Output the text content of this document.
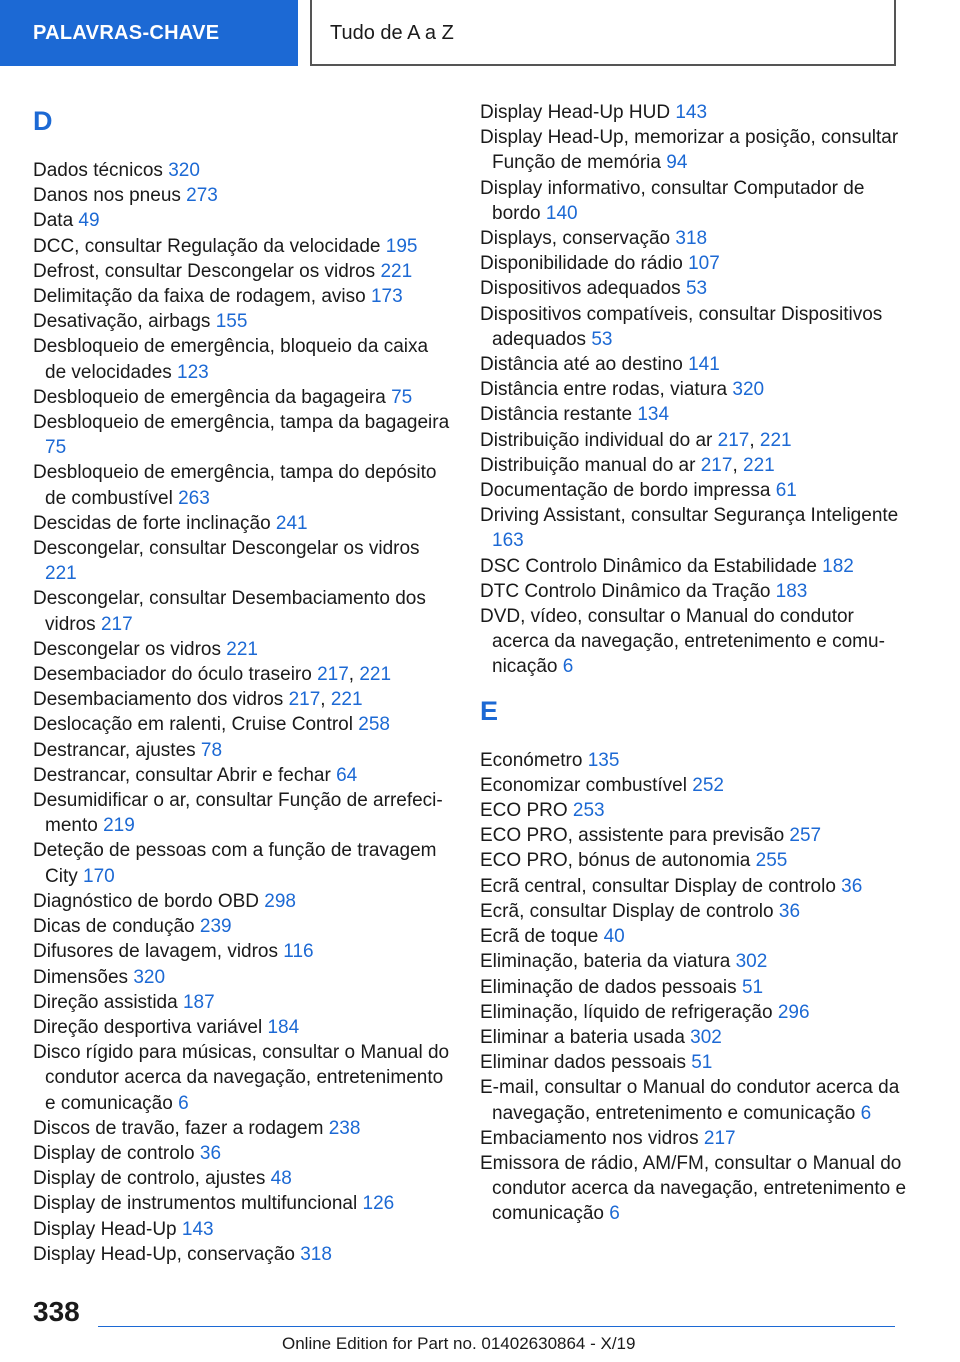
PALAVRAS-CHAVE	Tudo de A a Z
D
Dados técnicos 320
Danos nos pneus 273
Data 49
DCC, consultar Regulação da velocidade 195
Defrost, consultar Descongelar os vidros 221
Delimitação da faixa de rodagem, aviso 173
Desativação, airbags 155
Desbloqueio de emergência, bloqueio da caixa de velocidades 123
Desbloqueio de emergência da bagageira 75
Desbloqueio de emergência, tampa da bagageira 75
Desbloqueio de emergência, tampa do depósito de combustível 263
Descidas de forte inclinação 241
Descongelar, consultar Descongelar os vidros 221
Descongelar, consultar Desembaciamento dos vidros 217
Descongelar os vidros 221
Desembaciador do óculo traseiro 217, 221
Desembaciamento dos vidros 217, 221
Deslocação em ralenti, Cruise Control 258
Destrancar, ajustes 78
Destrancar, consultar Abrir e fechar 64
Desumidificar o ar, consultar Função de arrefecimento 219
Deteção de pessoas com a função de travagem City 170
Diagnóstico de bordo OBD 298
Dicas de condução 239
Difusores de lavagem, vidros 116
Dimensões 320
Direção assistida 187
Direção desportiva variável 184
Disco rígido para músicas, consultar o Manual do condutor acerca da navegação, entretenimento e comunicação 6
Discos de travão, fazer a rodagem 238
Display de controlo 36
Display de controlo, ajustes 48
Display de instrumentos multifuncional 126
Display Head-Up 143
Display Head-Up, conservação 318
Display Head-Up HUD 143
Display Head-Up, memorizar a posição, consultar Função de memória 94
Display informativo, consultar Computador de bordo 140
Displays, conservação 318
Disponibilidade do rádio 107
Dispositivos adequados 53
Dispositivos compatíveis, consultar Dispositivos adequados 53
Distância até ao destino 141
Distância entre rodas, viatura 320
Distância restante 134
Distribuição individual do ar 217, 221
Distribuição manual do ar 217, 221
Documentação de bordo impressa 61
Driving Assistant, consultar Segurança Inteligente 163
DSC Controlo Dinâmico da Estabilidade 182
DTC Controlo Dinâmico da Tração 183
DVD, vídeo, consultar o Manual do condutor acerca da navegação, entretenimento e comunicação 6
E
Económetro 135
Economizar combustível 252
ECO PRO 253
ECO PRO, assistente para previsão 257
ECO PRO, bónus de autonomia 255
Ecrã central, consultar Display de controlo 36
Ecrã, consultar Display de controlo 36
Ecrã de toque 40
Eliminação, bateria da viatura 302
Eliminação de dados pessoais 51
Eliminação, líquido de refrigeração 296
Eliminar a bateria usada 302
Eliminar dados pessoais 51
E-mail, consultar o Manual do condutor acerca da navegação, entretenimento e comunicação 6
Embaciamento nos vidros 217
Emissora de rádio, AM/FM, consultar o Manual do condutor acerca da navegação, entretenimento e comunicação 6
338
Online Edition for Part no. 01402630864 - X/19
